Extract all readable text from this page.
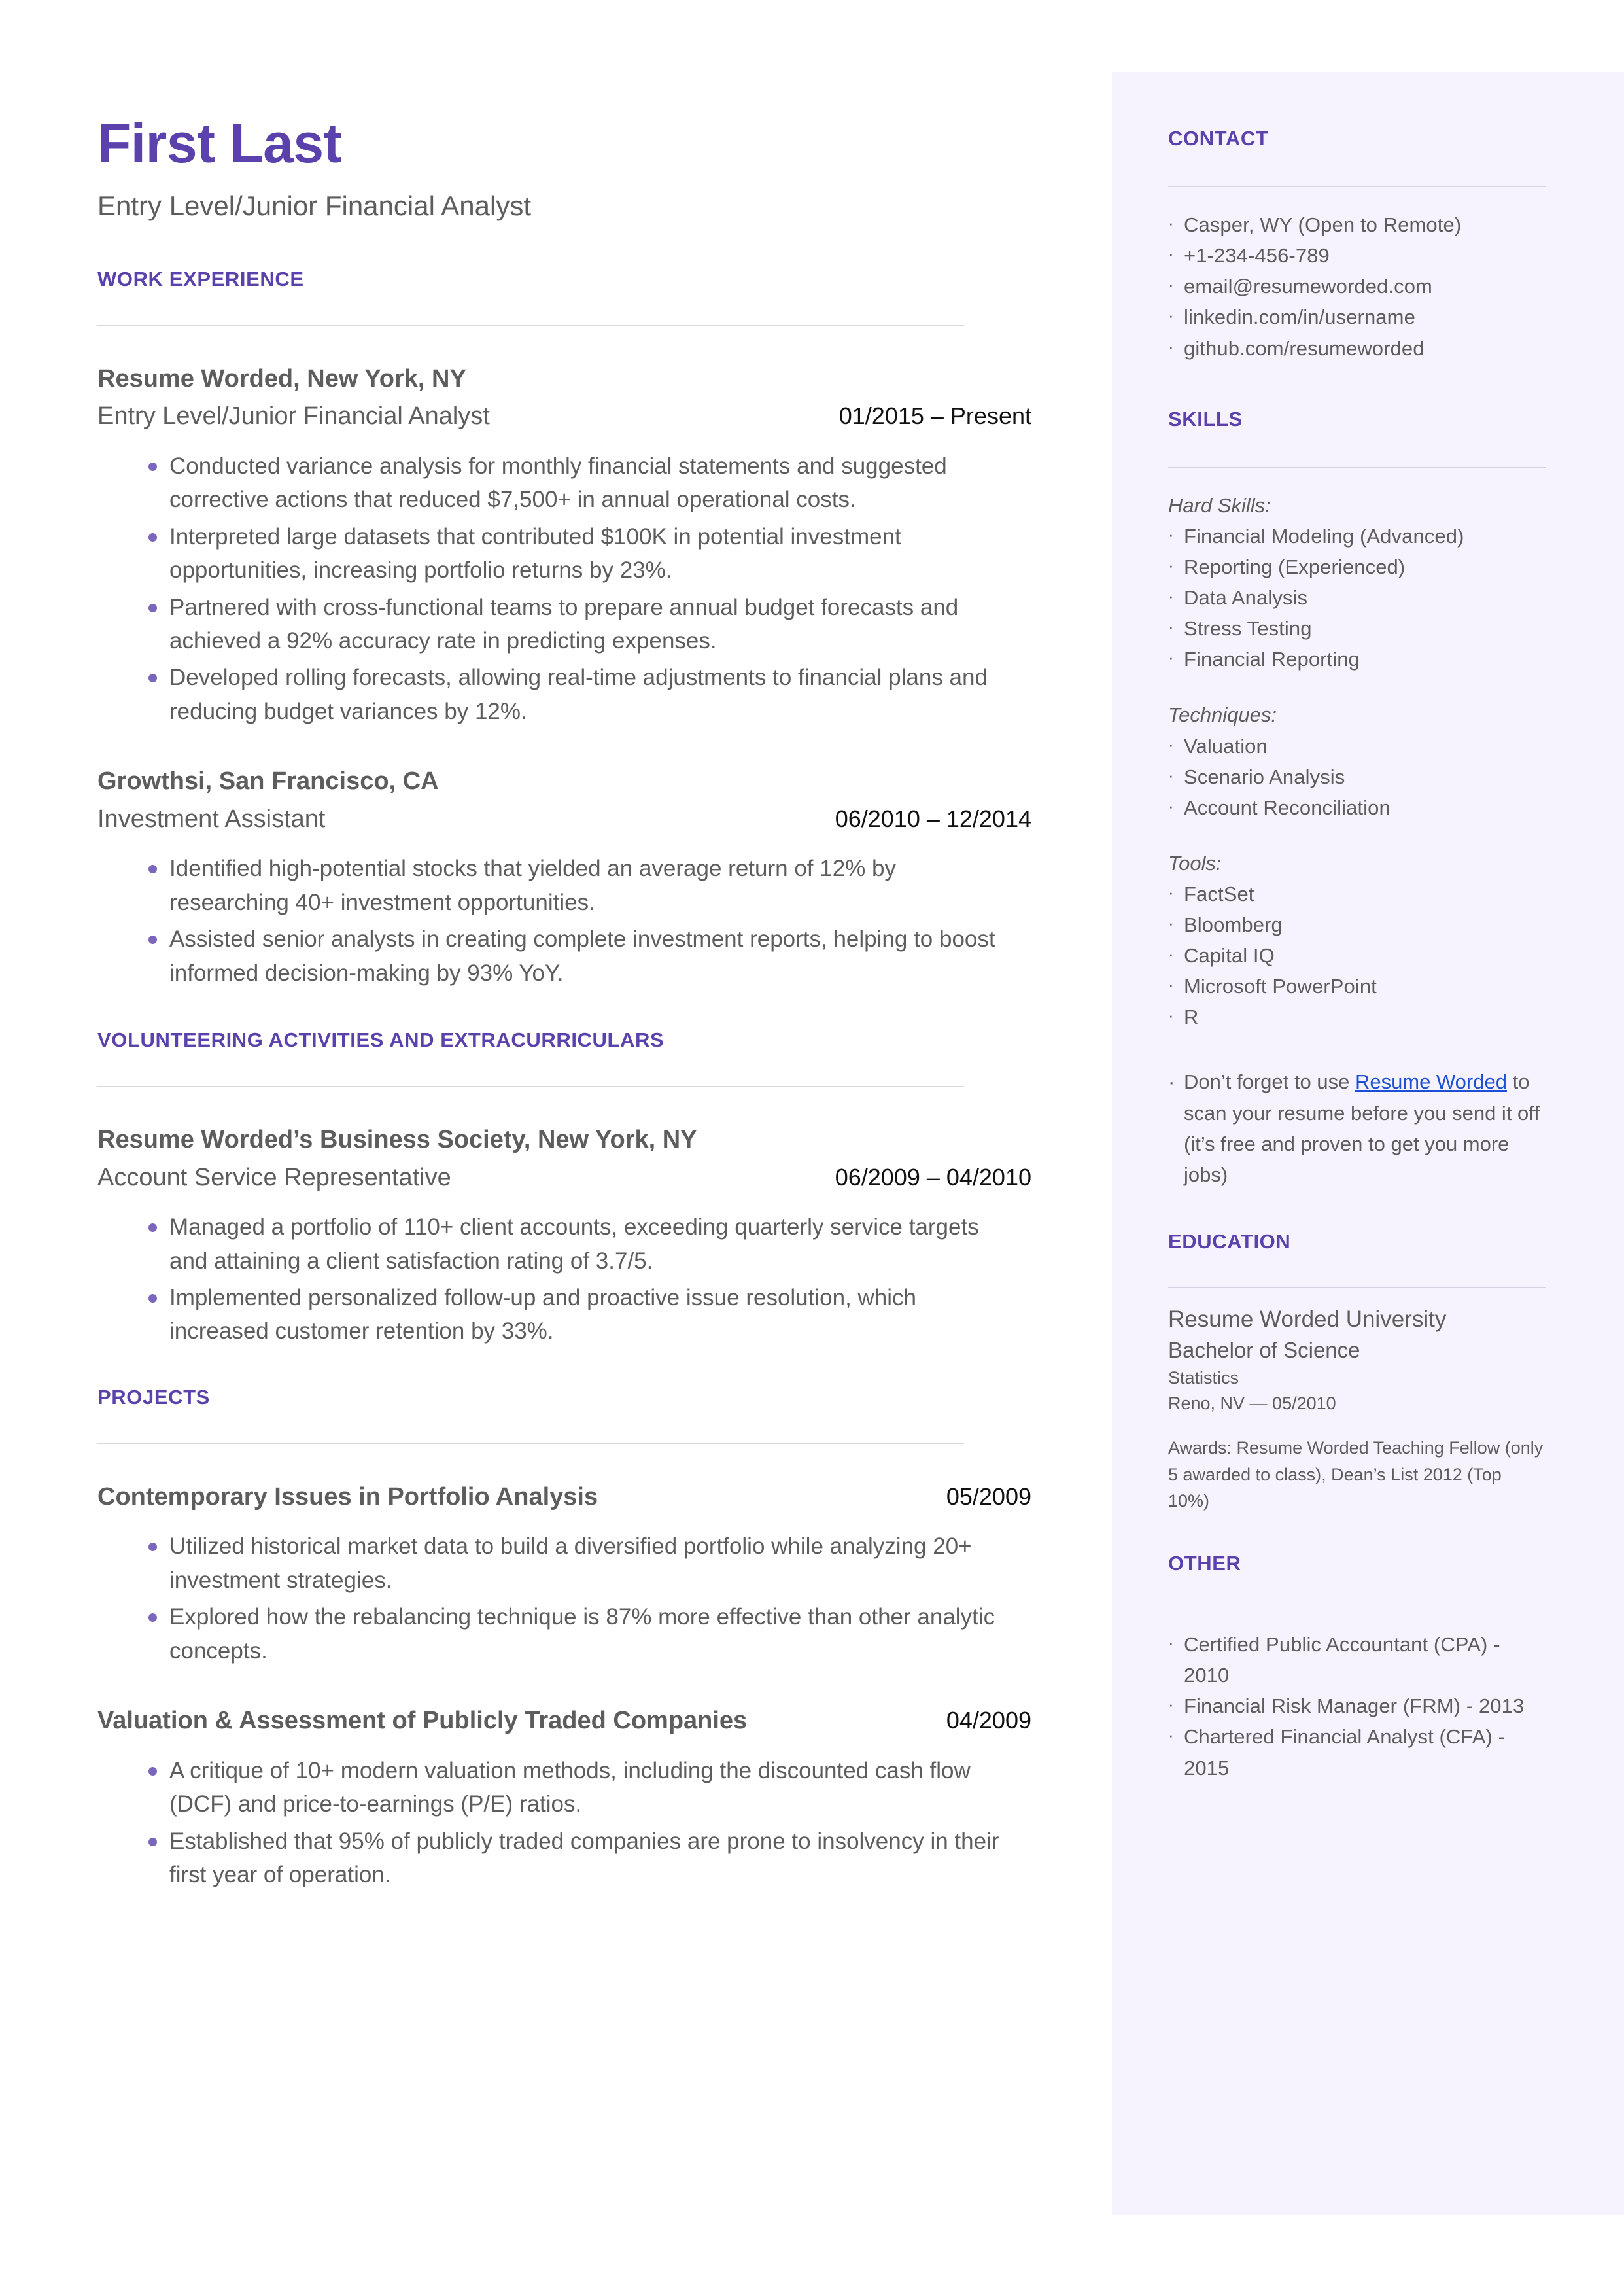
CONTACT
· Casper, WY (Open to Remote)
· +1-234-456-789
· email@resumeworded.com
· linkedin.com/in/username
· github.com/resumeworded
SKILLS
Hard Skills:
· Financial Modeling (Advanced)
· Reporting (Experienced)
· Data Analysis
· Stress Testing
· Financial Reporting
Techniques:
· Valuation
· Scenario Analysis
· Account Reconciliation
Tools:
· FactSet
· Bloomberg
· Capital IQ
· Microsoft PowerPoint
· R
· Don’t forget to use Resume Worded to scan your resume before you send it off (it’s free and proven to get you more jobs)
EDUCATION
Resume Worded University
Bachelor of Science
Statistics
Reno, NV — 05/2010
Awards: Resume Worded Teaching Fellow (only 5 awarded to class), Dean’s List 2012 (Top 10%)
OTHER
· Certified Public Accountant (CPA) - 2010
· Financial Risk Manager (FRM) - 2013
· Chartered Financial Analyst (CFA) - 2015
First Last
Entry Level/Junior Financial Analyst
WORK EXPERIENCE
Resume Worded, New York, NY
Entry Level/Junior Financial Analyst	01/2015 – Present
Conducted variance analysis for monthly financial statements and suggested corrective actions that reduced $7,500+ in annual operational costs.
Interpreted large datasets that contributed $100K in potential investment opportunities, increasing portfolio returns by 23%.
Partnered with cross-functional teams to prepare annual budget forecasts and achieved a 92% accuracy rate in predicting expenses.
Developed rolling forecasts, allowing real-time adjustments to financial plans and reducing budget variances by 12%.
Growthsi, San Francisco, CA
Investment Assistant	06/2010 – 12/2014
Identified high-potential stocks that yielded an average return of 12% by researching 40+ investment opportunities.
Assisted senior analysts in creating complete investment reports, helping to boost informed decision-making by 93% YoY.
VOLUNTEERING ACTIVITIES AND EXTRACURRICULARS
Resume Worded’s Business Society, New York, NY
Account Service Representative	06/2009 – 04/2010
Managed a portfolio of 110+ client accounts, exceeding quarterly service targets and attaining a client satisfaction rating of 3.7/5.
Implemented personalized follow-up and proactive issue resolution, which increased customer retention by 33%.
PROJECTS
Contemporary Issues in Portfolio Analysis	05/2009
Utilized historical market data to build a diversified portfolio while analyzing 20+ investment strategies.
Explored how the rebalancing technique is 87% more effective than other analytic concepts.
Valuation & Assessment of Publicly Traded Companies	04/2009
A critique of 10+ modern valuation methods, including the discounted cash flow (DCF) and price-to-earnings (P/E) ratios.
Established that 95% of publicly traded companies are prone to insolvency in their first year of operation.
